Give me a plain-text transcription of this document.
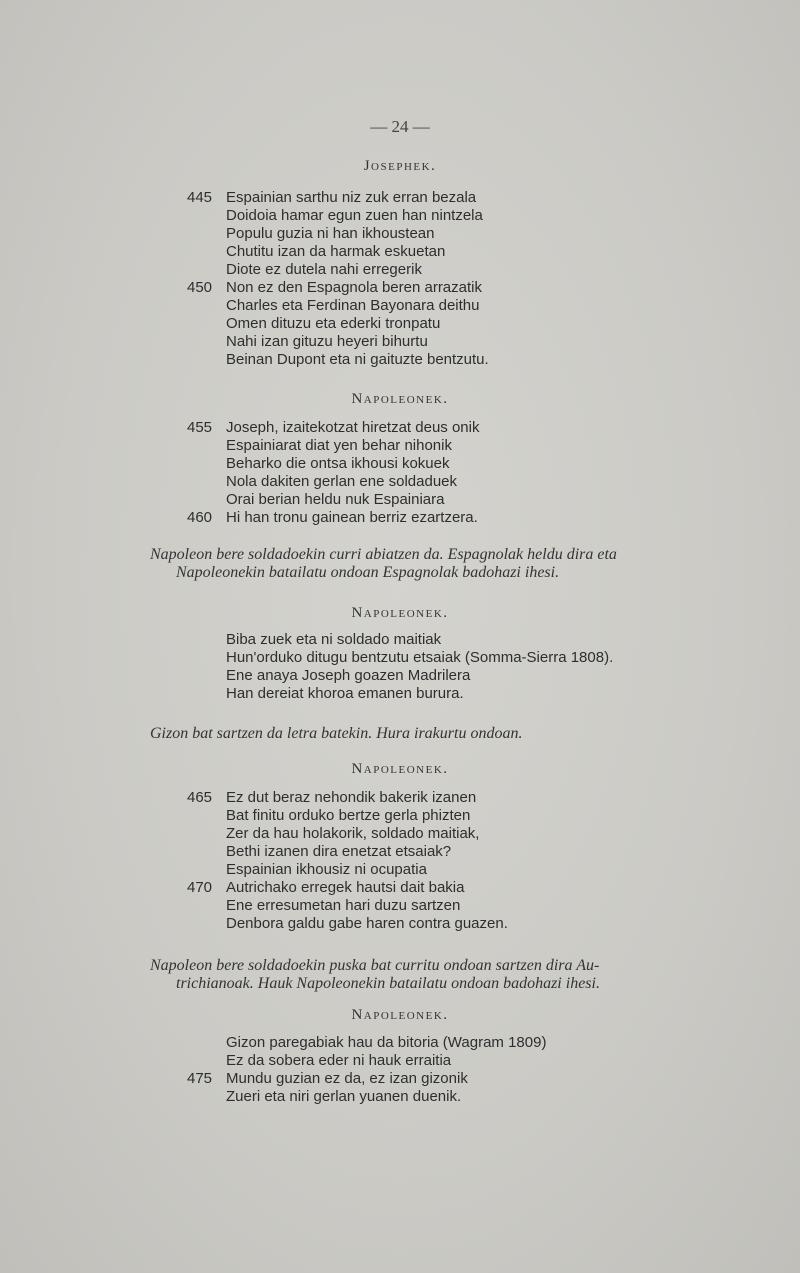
— 24 —
Josephek.
445 Espainian sarthu niz zuk erran bezala
Doidoia hamar egun zuen han nintzela
Populu guzia ni han ikhoustean
Chutitu izan da harmak eskuetan
Diote ez dutela nahi erregerik
450 Non ez den Espagnola beren arrazatik
Charles eta Ferdinan Bayonara deithu
Omen dituzu eta ederki tronpatu
Nahi izan gituzu heyeri bihurtu
Beinan Dupont eta ni gaituzte bentzutu.
Napoleonek.
455 Joseph, izaitekotzat hiretzat deus onik
Espainiarat diat yen behar nihonik
Beharko die ontsa ikhousi kokuek
Nola dakiten gerlan ene soldaduek
Orai berian heldu nuk Espainiara
460 Hi han tronu gainean berriz ezartzera.
Napoleon bere soldadoekin curri abiatzen da. Espagnolak heldu dira eta
Napoleonekin batailatu ondoan Espagnolak badohazi ihesi.
Napoleonek.
Biba zuek eta ni soldado maitiak
Hun'orduko ditugu bentzutu etsaiak (Somma-Sierra 1808).
Ene anaya Joseph goazen Madrilera
Han dereiat khoroa emanen burura.
Gizon bat sartzen da letra batekin. Hura irakurtu ondoan.
Napoleonek.
465 Ez dut beraz nehondik bakerik izanen
Bat finitu orduko bertze gerla phizten
Zer da hau holakorik, soldado maitiak,
Bethi izanen dira enetzat etsaiak?
Espainian ikhousiz ni ocupatia
470 Autrichako erregek hautsi dait bakia
Ene erresumetan hari duzu sartzen
Denbora galdu gabe haren contra guazen.
Napoleon bere soldadoekin puska bat curritu ondoan sartzen dira Au-
trichianoak. Hauk Napoleonekin batailatu ondoan badohazi ihesi.
Napoleonek.
Gizon paregabiak hau da bitoria (Wagram 1809)
Ez da sobera eder ni hauk erraitia
475 Mundu guzian ez da, ez izan gizonik
Zueri eta niri gerlan yuanen duenik.
